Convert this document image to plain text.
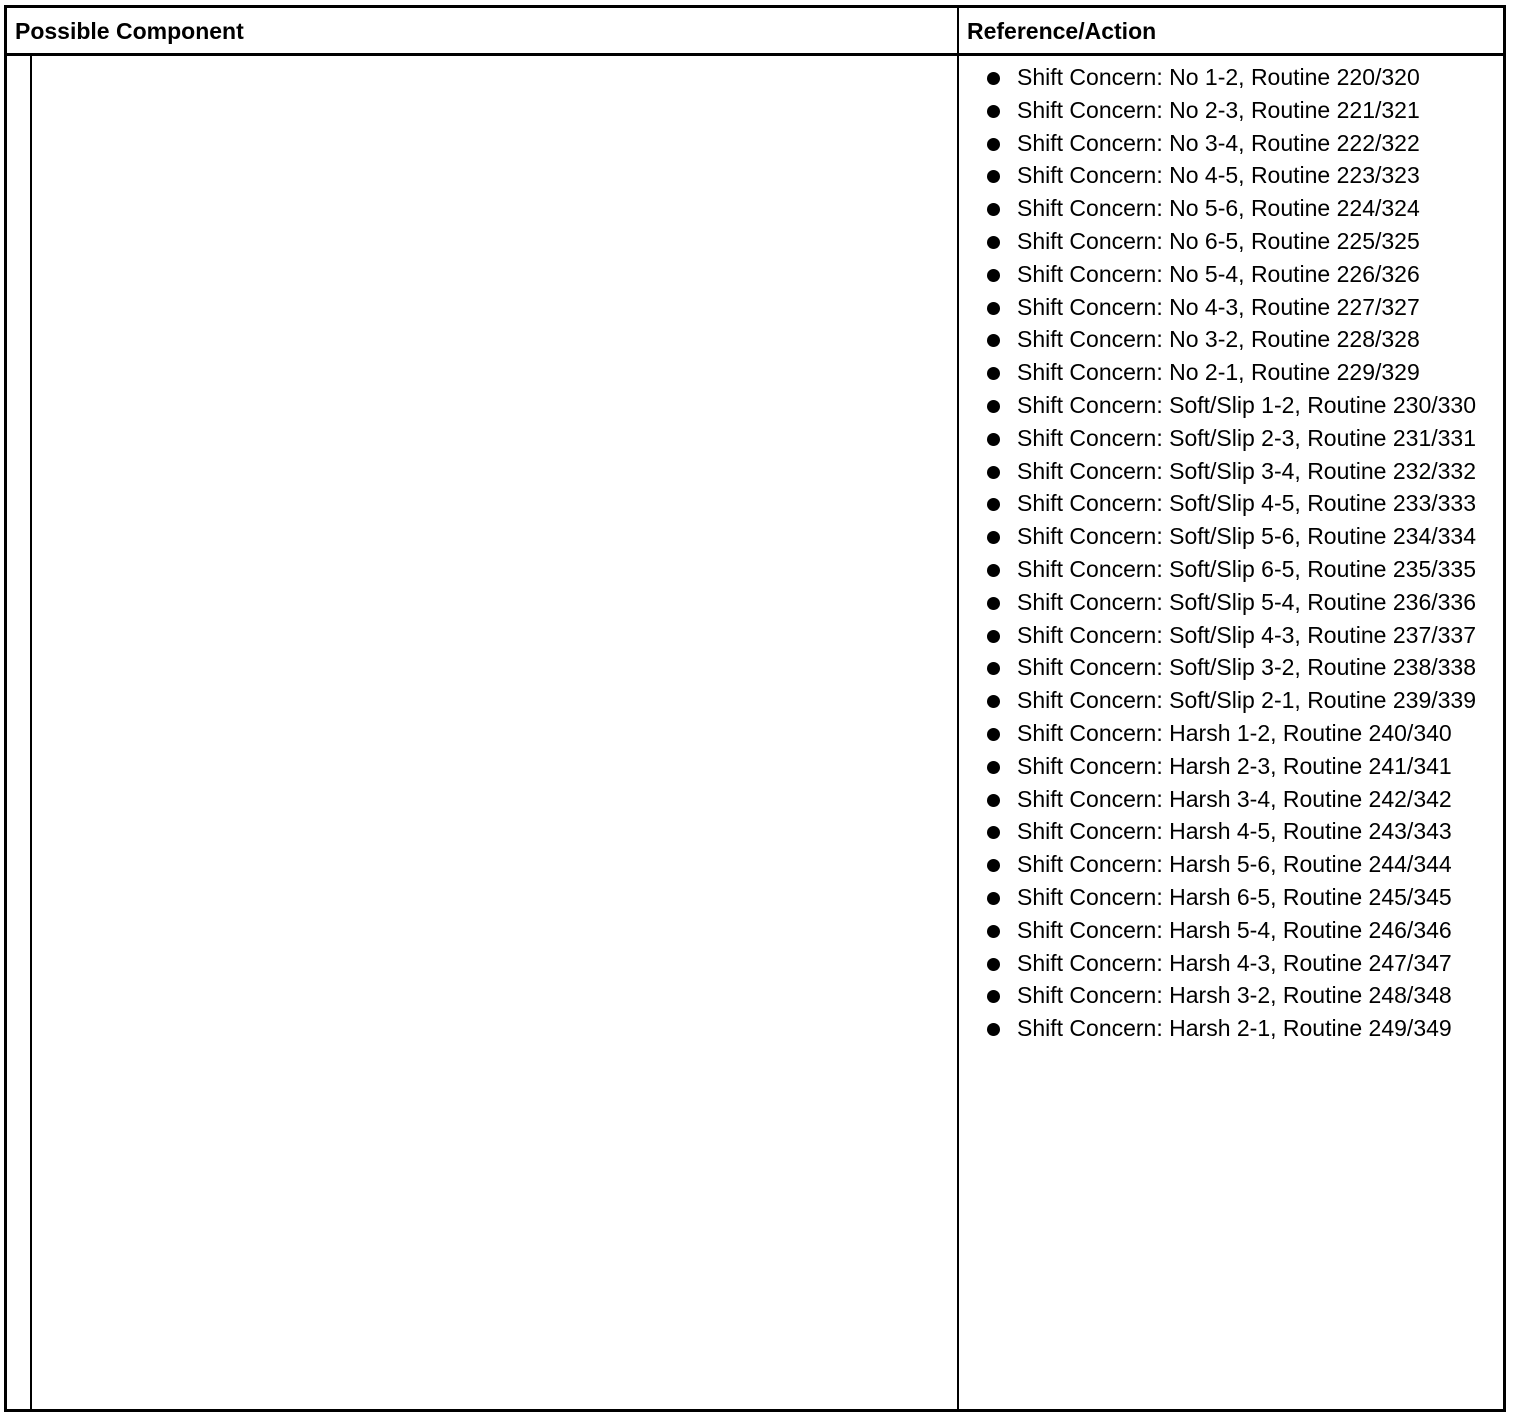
Possible Component	Reference/Action
Shift Concern: No 1-2, Routine 220/320
Shift Concern: No 2-3, Routine 221/321
Shift Concern: No 3-4, Routine 222/322
Shift Concern: No 4-5, Routine 223/323
Shift Concern: No 5-6, Routine 224/324
Shift Concern: No 6-5, Routine 225/325
Shift Concern: No 5-4, Routine 226/326
Shift Concern: No 4-3, Routine 227/327
Shift Concern: No 3-2, Routine 228/328
Shift Concern: No 2-1, Routine 229/329
Shift Concern: Soft/Slip 1-2, Routine 230/330
Shift Concern: Soft/Slip 2-3, Routine 231/331
Shift Concern: Soft/Slip 3-4, Routine 232/332
Shift Concern: Soft/Slip 4-5, Routine 233/333
Shift Concern: Soft/Slip 5-6, Routine 234/334
Shift Concern: Soft/Slip 6-5, Routine 235/335
Shift Concern: Soft/Slip 5-4, Routine 236/336
Shift Concern: Soft/Slip 4-3, Routine 237/337
Shift Concern: Soft/Slip 3-2, Routine 238/338
Shift Concern: Soft/Slip 2-1, Routine 239/339
Shift Concern: Harsh 1-2, Routine 240/340
Shift Concern: Harsh 2-3, Routine 241/341
Shift Concern: Harsh 3-4, Routine 242/342
Shift Concern: Harsh 4-5, Routine 243/343
Shift Concern: Harsh 5-6, Routine 244/344
Shift Concern: Harsh 6-5, Routine 245/345
Shift Concern: Harsh 5-4, Routine 246/346
Shift Concern: Harsh 4-3, Routine 247/347
Shift Concern: Harsh 3-2, Routine 248/348
Shift Concern: Harsh 2-1, Routine 249/349
